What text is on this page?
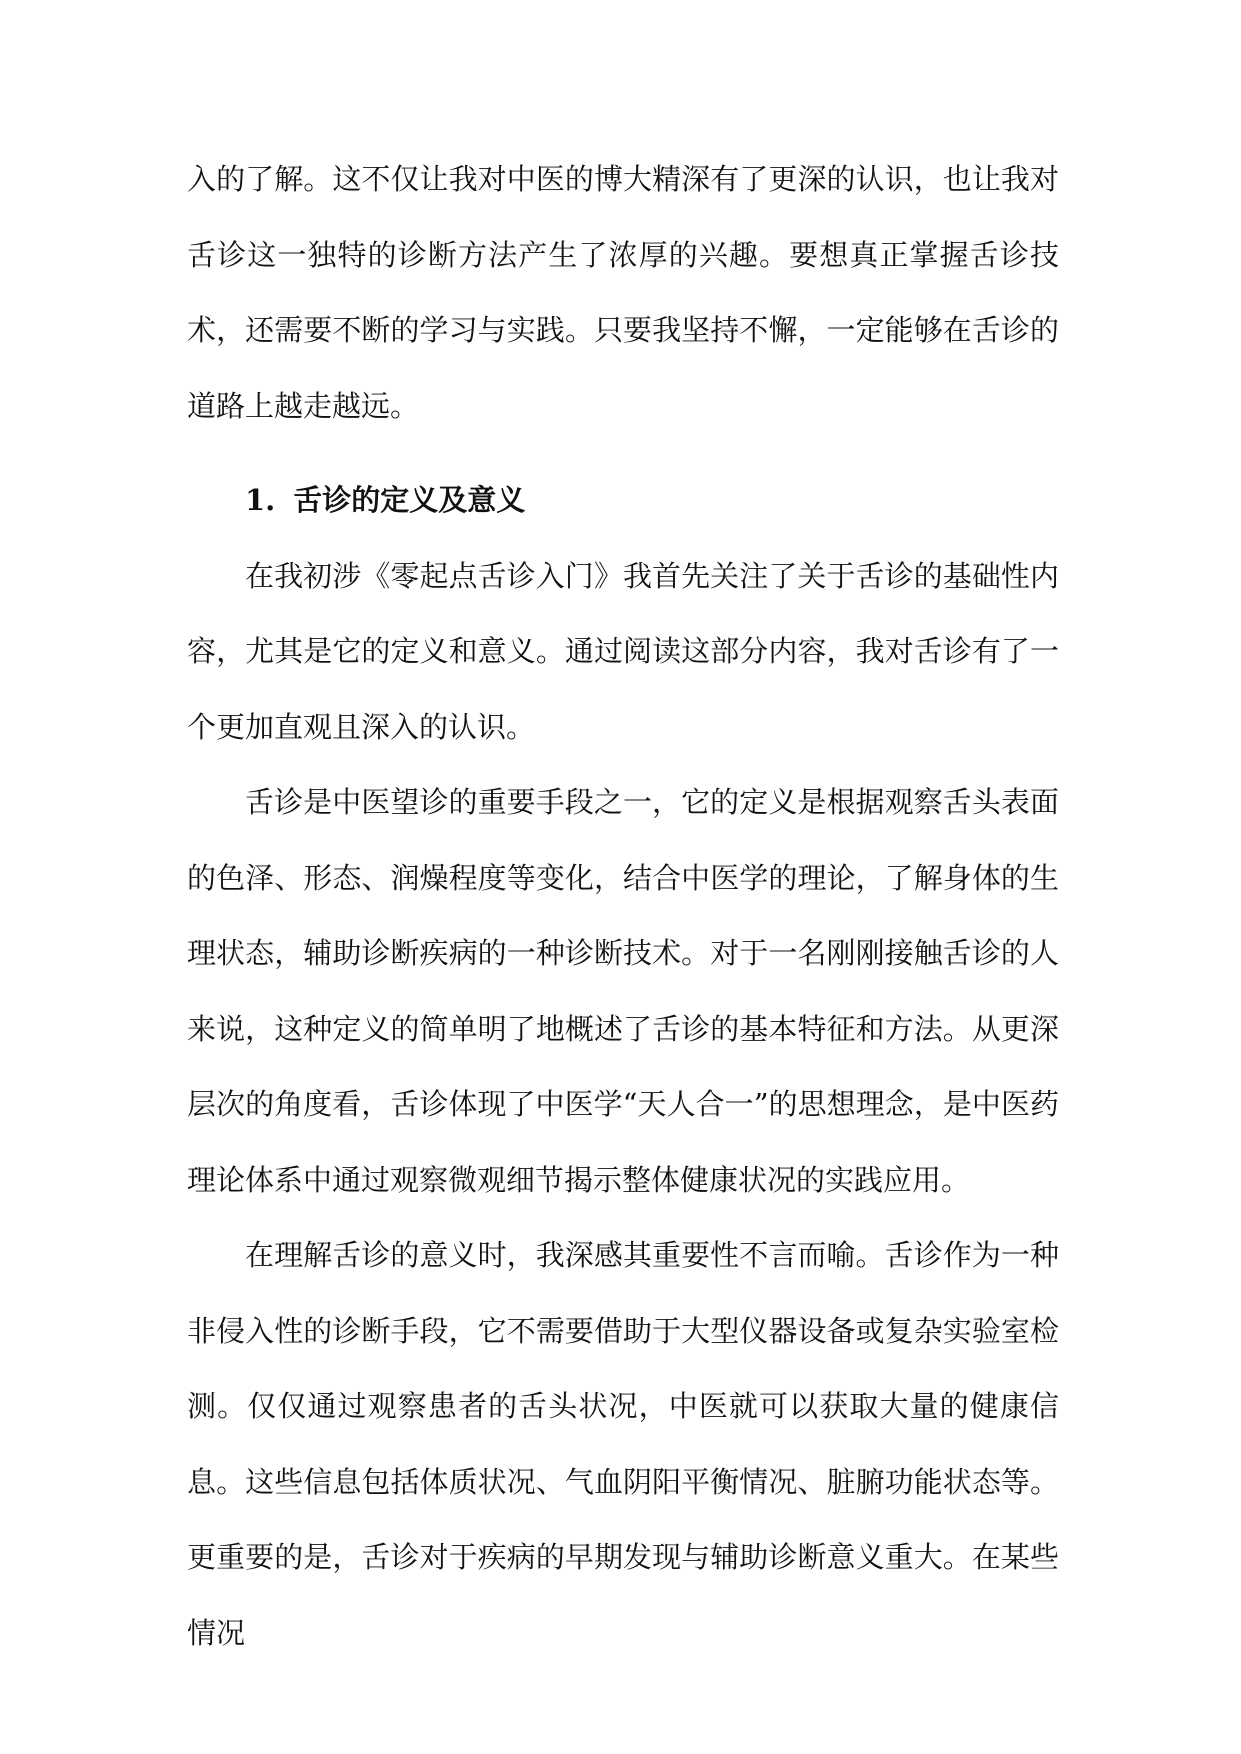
入的了解。这不仅让我对中医的博大精深有了更深的认识，也让我对舌诊这一独特的诊断方法产生了浓厚的兴趣。要想真正掌握舌诊技术，还需要不断的学习与实践。只要我坚持不懈，一定能够在舌诊的道路上越走越远。

1. 舌诊的定义及意义

在我初涉《零起点舌诊入门》我首先关注了关于舌诊的基础性内容，尤其是它的定义和意义。通过阅读这部分内容，我对舌诊有了一个更加直观且深入的认识。

舌诊是中医望诊的重要手段之一，它的定义是根据观察舌头表面的色泽、形态、润燥程度等变化，结合中医学的理论，了解身体的生理状态，辅助诊断疾病的一种诊断技术。对于一名刚刚接触舌诊的人来说，这种定义的简单明了地概述了舌诊的基本特征和方法。从更深层次的角度看，舌诊体现了中医学“天人合一”的思想理念，是中医药理论体系中通过观察微观细节揭示整体健康状况的实践应用。

在理解舌诊的意义时，我深感其重要性不言而喻。舌诊作为一种非侵入性的诊断手段，它不需要借助于大型仪器设备或复杂实验室检测。仅仅通过观察患者的舌头状况，中医就可以获取大量的健康信息。这些信息包括体质状况、气血阴阳平衡情况、脏腑功能状态等。更重要的是，舌诊对于疾病的早期发现与辅助诊断意义重大。在某些情况
